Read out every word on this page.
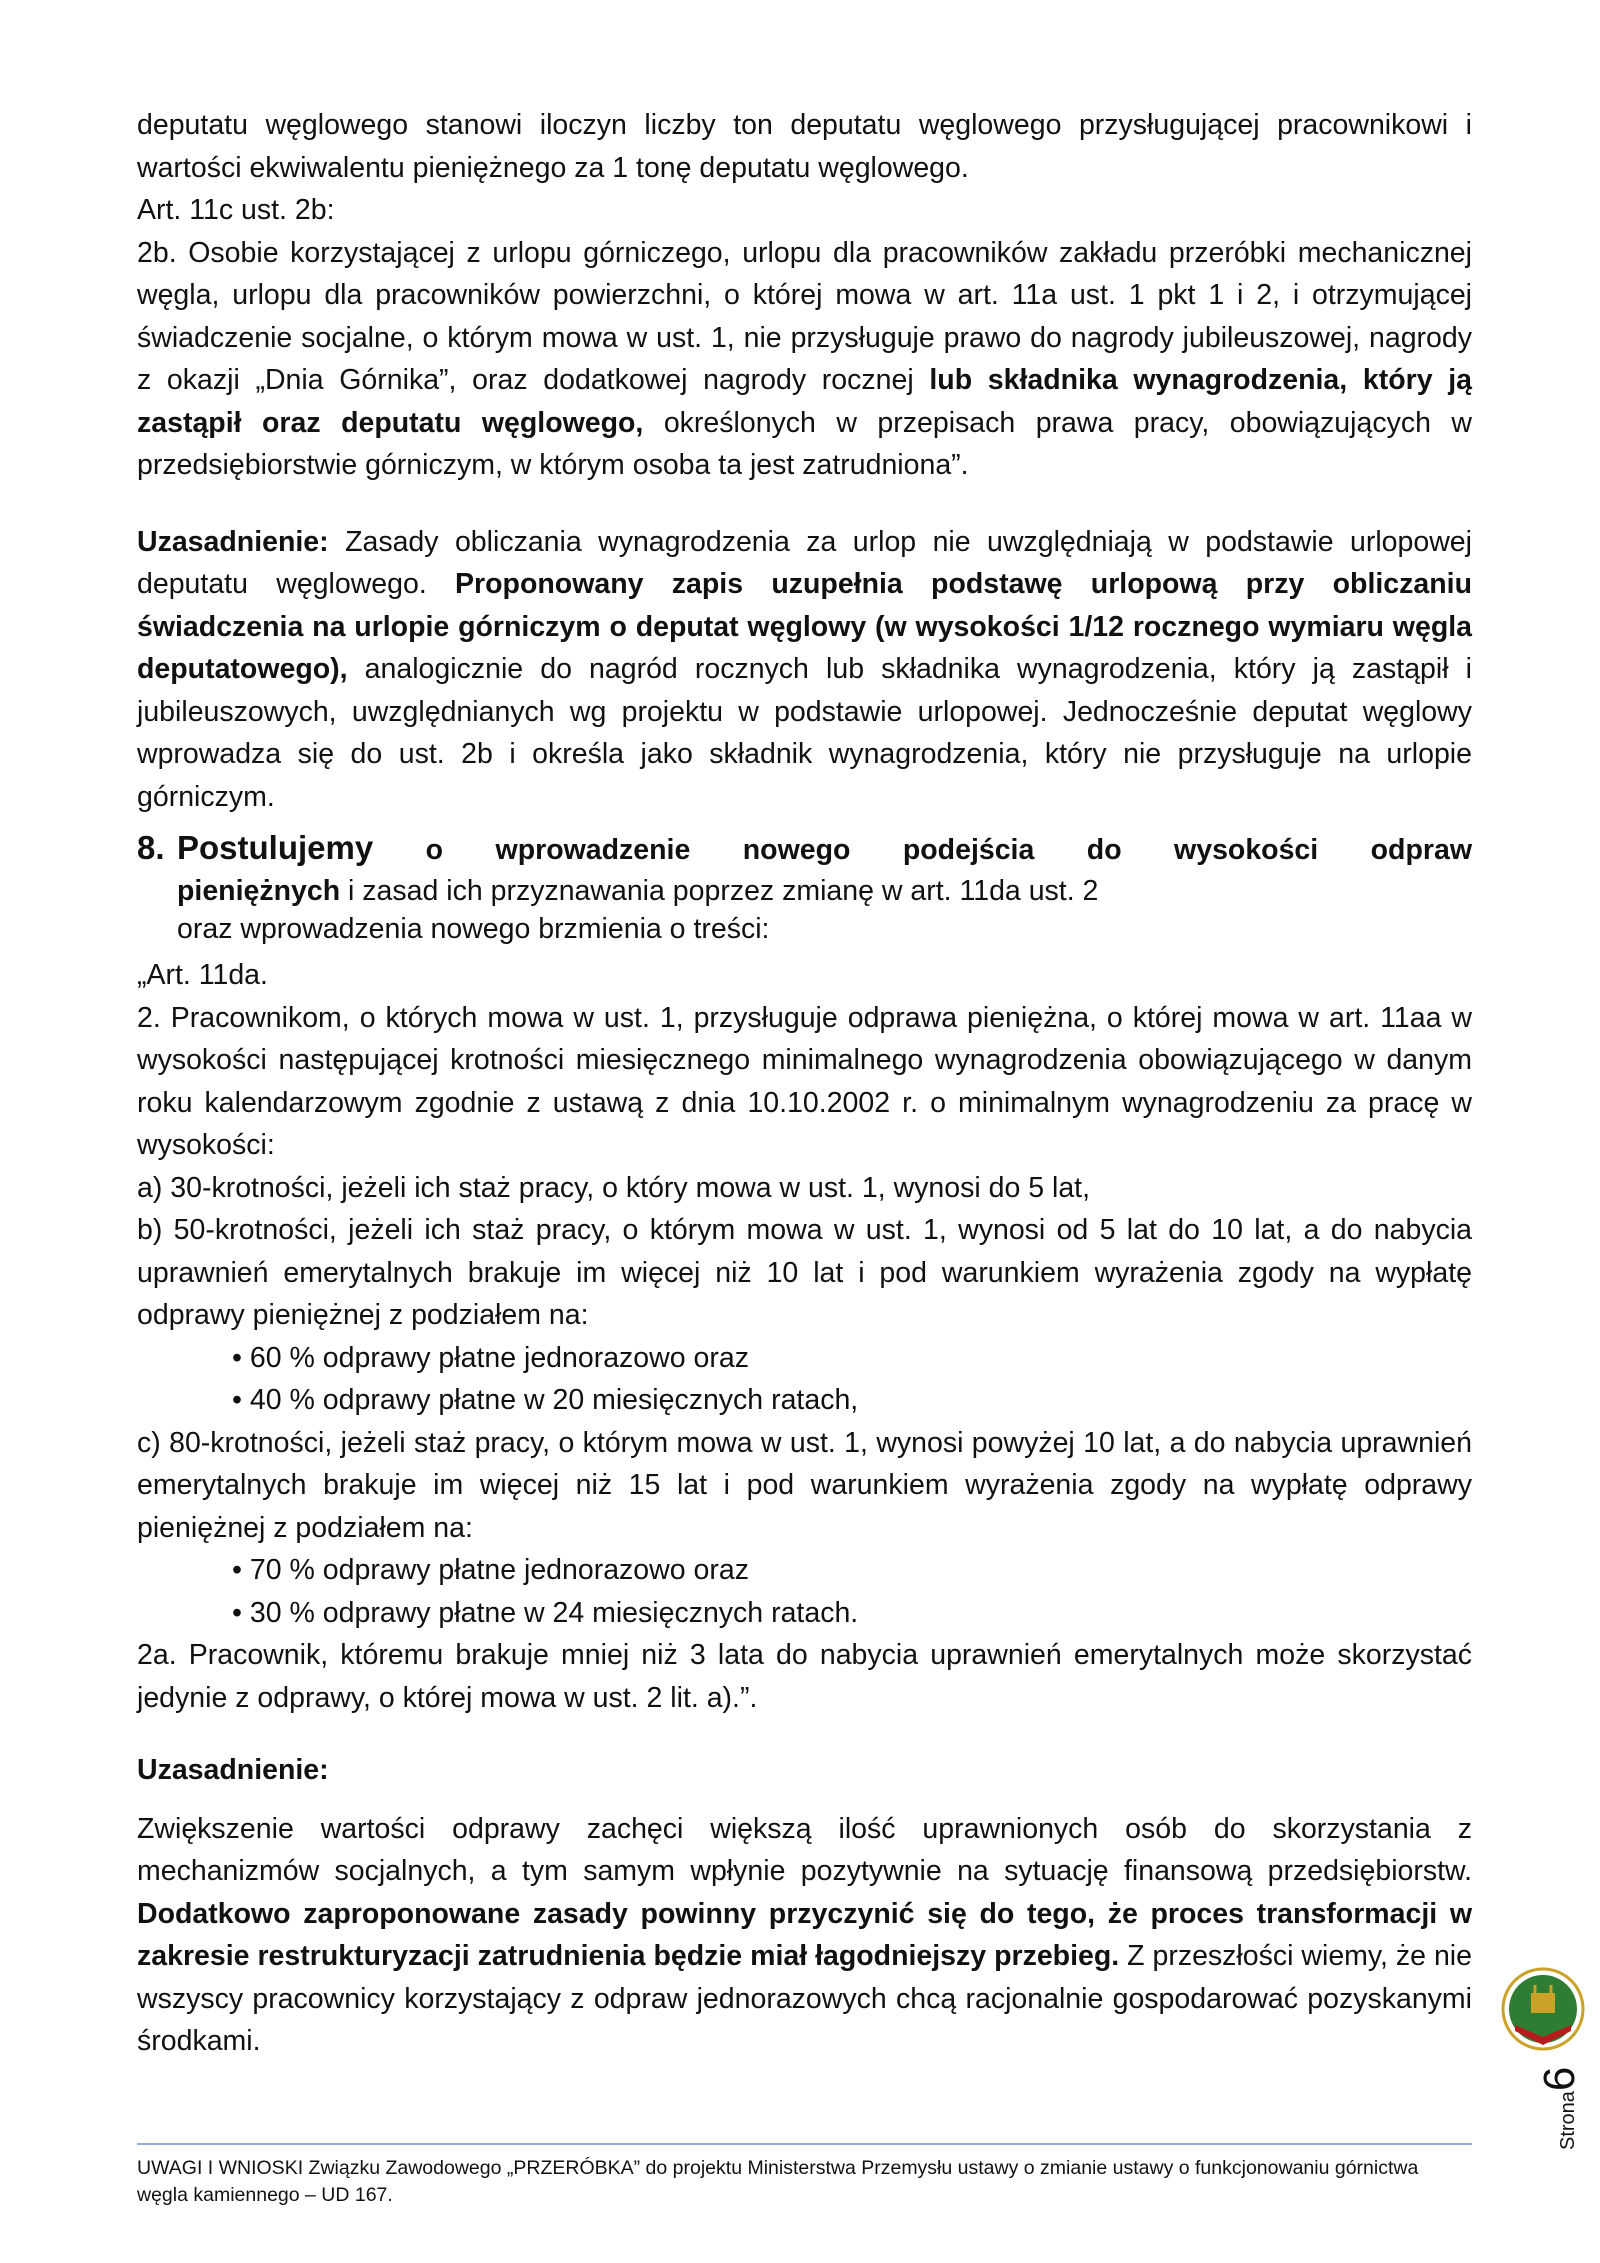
deputatu węglowego stanowi iloczyn liczby ton deputatu węglowego przysługującej pracownikowi i wartości ekwiwalentu pieniężnego za 1 tonę deputatu węglowego.

Art. 11c ust. 2b:

2b. Osobie korzystającej z urlopu górniczego, urlopu dla pracowników zakładu przeróbki mechanicznej węgla, urlopu dla pracowników powierzchni, o której mowa w art. 11a ust. 1 pkt 1 i 2, i otrzymującej świadczenie socjalne, o którym mowa w ust. 1, nie przysługuje prawo do nagrody jubileuszowej, nagrody z okazji „Dnia Górnika”, oraz dodatkowej nagrody rocznej lub składnika wynagrodzenia, który ją zastąpił oraz deputatu węglowego, określonych w przepisach prawa pracy, obowiązujących w przedsiębiorstwie górniczym, w którym osoba ta jest zatrudniona”.

Uzasadnienie: Zasady obliczania wynagrodzenia za urlop nie uwzględniają w podstawie urlopowej deputatu węglowego. Proponowany zapis uzupełnia podstawę urlopową przy obliczaniu świadczenia na urlopie górniczym o deputat węglowy (w wysokości 1/12 rocznego wymiaru węgla deputatowego), analogicznie do nagród rocznych lub składnika wynagrodzenia, który ją zastąpił i jubileuszowych, uwzględnianych wg projektu w podstawie urlopowej. Jednocześnie deputat węglowy wprowadza się do ust. 2b i określa jako składnik wynagrodzenia, który nie przysługuje na urlopie górniczym.

8. Postulujemy o wprowadzenie nowego podejścia do wysokości odpraw
pieniężnych i zasad ich przyznawania poprzez zmianę w art. 11da ust. 2
oraz wprowadzenia nowego brzmienia o treści:

„Art. 11da.

2. Pracownikom, o których mowa w ust. 1, przysługuje odprawa pieniężna, o której mowa w art. 11aa w wysokości następującej krotności miesięcznego minimalnego wynagrodzenia obowiązującego w danym roku kalendarzowym zgodnie z ustawą z dnia 10.10.2002 r. o minimalnym wynagrodzeniu za pracę w wysokości:

a) 30-krotności, jeżeli ich staż pracy, o który mowa w ust. 1, wynosi do 5 lat,

b) 50-krotności, jeżeli ich staż pracy, o którym mowa w ust. 1, wynosi od 5 lat do 10 lat, a do nabycia uprawnień emerytalnych brakuje im więcej niż 10 lat i pod warunkiem wyrażenia zgody na wypłatę odprawy pieniężnej z podziałem na:

• 60 % odprawy płatne jednorazowo oraz

• 40 % odprawy płatne w 20 miesięcznych ratach,

c) 80-krotności, jeżeli staż pracy, o którym mowa w ust. 1, wynosi powyżej 10 lat, a do nabycia uprawnień emerytalnych brakuje im więcej niż 15 lat i pod warunkiem wyrażenia zgody na wypłatę odprawy pieniężnej z podziałem na:

• 70 % odprawy płatne jednorazowo oraz

• 30 % odprawy płatne w 24 miesięcznych ratach.

2a. Pracownik, któremu brakuje mniej niż 3 lata do nabycia uprawnień emerytalnych może skorzystać jedynie z odprawy, o której mowa w ust. 2 lit. a).”.

Uzasadnienie:

Zwiększenie wartości odprawy zachęci większą ilość uprawnionych osób do skorzystania z mechanizmów socjalnych, a tym samym wpłynie pozytywnie na sytuację finansową przedsiębiorstw. Dodatkowo zaproponowane zasady powinny przyczynić się do tego, że proces transformacji w zakresie restrukturyzacji zatrudnienia będzie miał łagodniejszy przebieg. Z przeszłości wiemy, że nie wszyscy pracownicy korzystający z odpraw jednorazowych chcą racjonalnie gospodarować pozyskanymi środkami.

UWAGI I WNIOSKI Związku Zawodowego „PRZERÓBKA” do projektu Ministerstwa Przemysłu ustawy o zmianie ustawy o funkcjonowaniu górnictwa węgla kamiennego – UD 167.

Strona6
